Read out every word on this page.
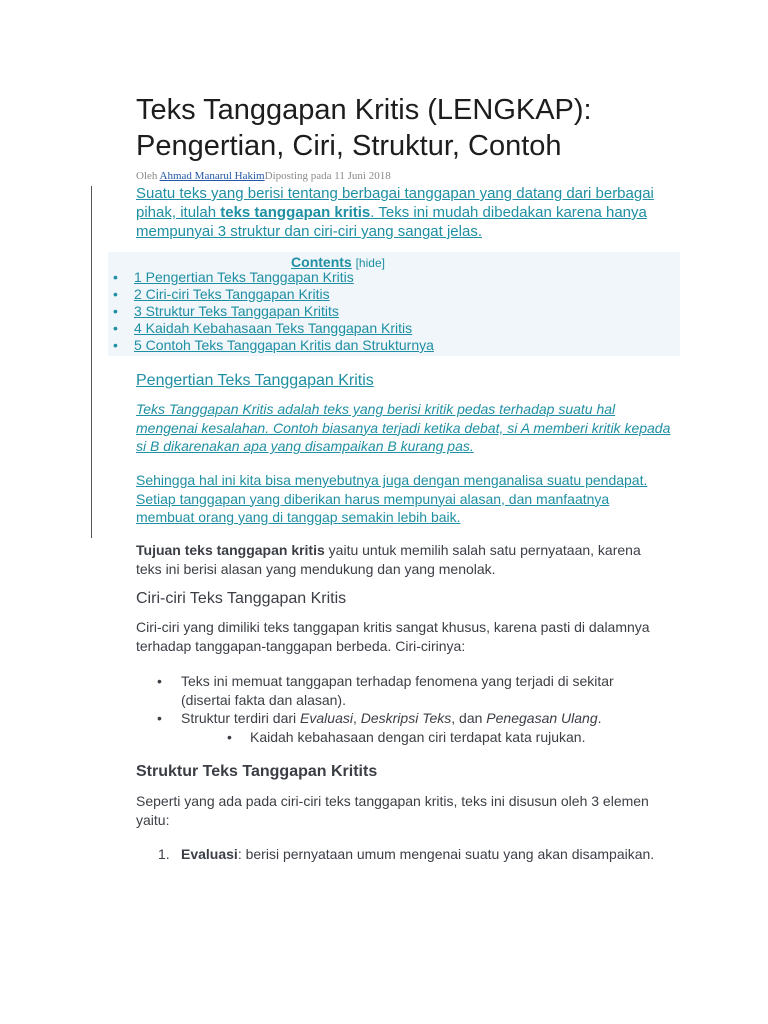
Teks Tanggapan Kritis (LENGKAP): Pengertian, Ciri, Struktur, Contoh
Oleh Ahmad Manarul HakimDiposting pada 11 Juni 2018

Suatu teks yang berisi tentang berbagai tanggapan yang datang dari berbagai pihak, itulah teks tanggapan kritis. Teks ini mudah dibedakan karena hanya mempunyai 3 struktur dan ciri-ciri yang sangat jelas.

Contents [hide]
• 1 Pengertian Teks Tanggapan Kritis
• 2 Ciri-ciri Teks Tanggapan Kritis
• 3 Struktur Teks Tanggapan Kritits
• 4 Kaidah Kebahasaan Teks Tanggapan Kritis
• 5 Contoh Teks Tanggapan Kritis dan Strukturnya
Pengertian Teks Tanggapan Kritis

Teks Tanggapan Kritis adalah teks yang berisi kritik pedas terhadap suatu hal mengenai kesalahan. Contoh biasanya terjadi ketika debat, si A memberi kritik kepada si B dikarenakan apa yang disampaikan B kurang pas.

Sehingga hal ini kita bisa menyebutnya juga dengan menganalisa suatu pendapat. Setiap tanggapan yang diberikan harus mempunyai alasan, dan manfaatnya membuat orang yang di tanggap semakin lebih baik.

Tujuan teks tanggapan kritis yaitu untuk memilih salah satu pernyataan, karena teks ini berisi alasan yang mendukung dan yang menolak.

Ciri-ciri Teks Tanggapan Kritis

Ciri-ciri yang dimiliki teks tanggapan kritis sangat khusus, karena pasti di dalamnya terhadap tanggapan-tanggapan berbeda. Ciri-cirinya:

• Teks ini memuat tanggapan terhadap fenomena yang terjadi di sekitar (disertai fakta dan alasan).
• Struktur terdiri dari Evaluasi, Deskripsi Teks, dan Penegasan Ulang.
• Kaidah kebahasaan dengan ciri terdapat kata rujukan.
Struktur Teks Tanggapan Kritits

Seperti yang ada pada ciri-ciri teks tanggapan kritis, teks ini disusun oleh 3 elemen yaitu:

1. Evaluasi: berisi pernyataan umum mengenai suatu yang akan disampaikan.
